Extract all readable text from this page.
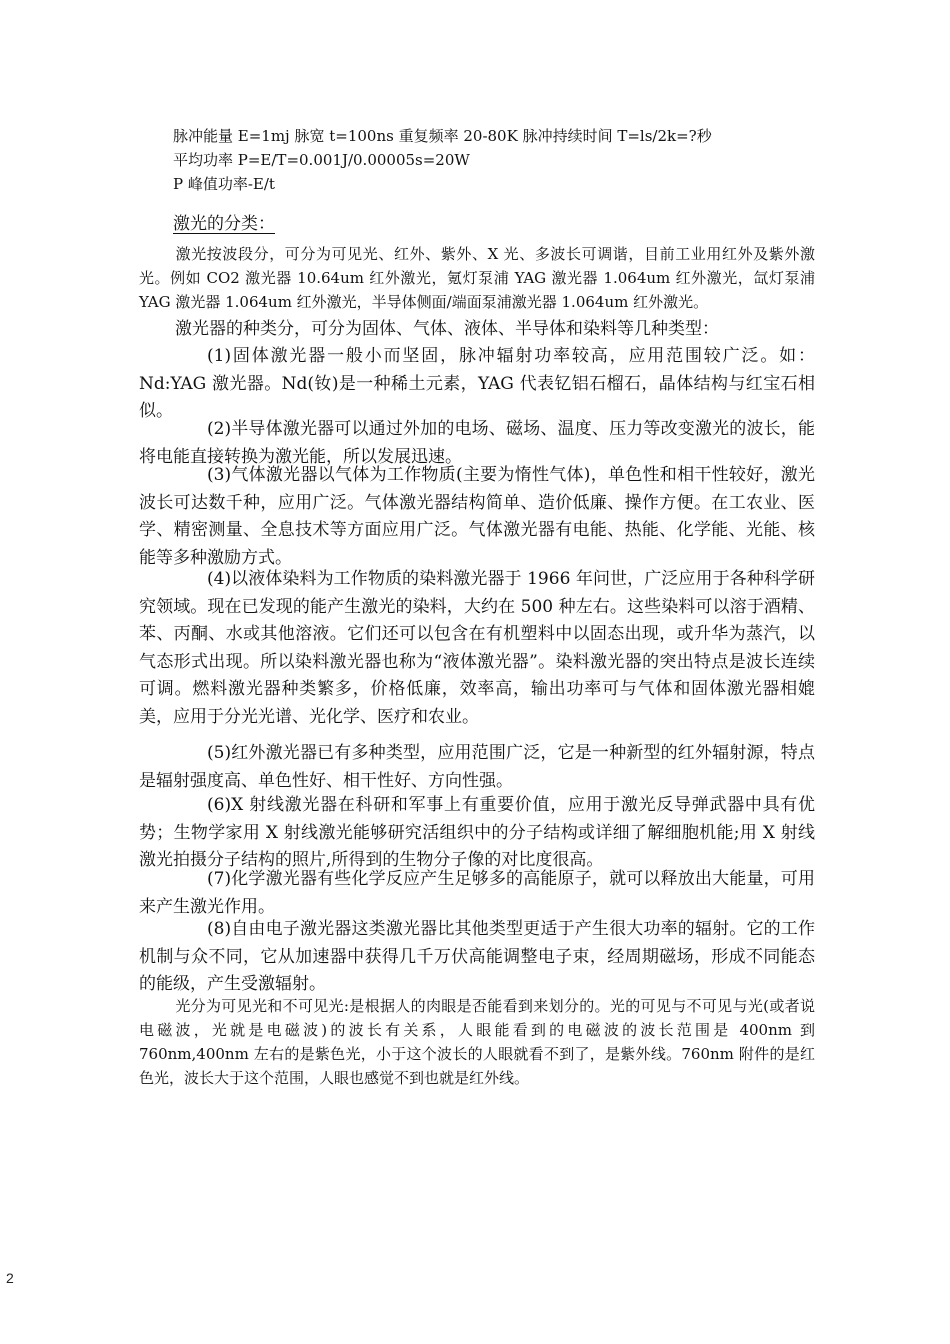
脉冲能量 E=1mj 脉宽 t=100ns 重复频率 20-80K 脉冲持续时间 T=ls/2k=?秒
平均功率 P=E/T=0.001J/0.00005s=20W
P 峰值功率-E/t
激光的分类：
激光按波段分，可分为可见光、红外、紫外、X 光、多波长可调谐，目前工业用红外及紫外激光。例如 CO2 激光器 10.64um 红外激光，氪灯泵浦 YAG 激光器 1.064um 红外激光，氙灯泵浦 YAG 激光器 1.064um 红外激光，半导体侧面/端面泵浦激光器 1.064um 红外激光。
激光器的种类分，可分为固体、气体、液体、半导体和染料等几种类型：
(1)固体激光器一般小而坚固，脉冲辐射功率较高，应用范围较广泛。如：Nd:YAG 激光器。Nd(钕)是一种稀土元素，YAG 代表钇铝石榴石，晶体结构与红宝石相似。
(2)半导体激光器可以通过外加的电场、磁场、温度、压力等改变激光的波长，能将电能直接转换为激光能，所以发展迅速。
(3)气体激光器以气体为工作物质(主要为惰性气体)，单色性和相干性较好，激光波长可达数千种，应用广泛。气体激光器结构简单、造价低廉、操作方便。在工农业、医学、精密测量、全息技术等方面应用广泛。气体激光器有电能、热能、化学能、光能、核能等多种激励方式。
(4)以液体染料为工作物质的染料激光器于 1966 年问世，广泛应用于各种科学研究领域。现在已发现的能产生激光的染料，大约在 500 种左右。这些染料可以溶于酒精、苯、丙酮、水或其他溶液。它们还可以包含在有机塑料中以固态出现，或升华为蒸汽，以气态形式出现。所以染料激光器也称为“液体激光器”。染料激光器的突出特点是波长连续可调。燃料激光器种类繁多，价格低廉，效率高，输出功率可与气体和固体激光器相媲美，应用于分光光谱、光化学、医疗和农业。
(5)红外激光器已有多种类型，应用范围广泛，它是一种新型的红外辐射源，特点是辐射强度高、单色性好、相干性好、方向性强。
(6)X 射线激光器在科研和军事上有重要价值，应用于激光反导弹武器中具有优势；生物学家用 X 射线激光能够研究活组织中的分子结构或详细了解细胞机能;用 X 射线激光拍摄分子结构的照片,所得到的生物分子像的对比度很高。
(7)化学激光器有些化学反应产生足够多的高能原子，就可以释放出大能量，可用来产生激光作用。
(8)自由电子激光器这类激光器比其他类型更适于产生很大功率的辐射。它的工作机制与众不同，它从加速器中获得几千万伏高能调整电子束，经周期磁场，形成不同能态的能级，产生受激辐射。
光分为可见光和不可见光:是根据人的肉眼是否能看到来划分的。光的可见与不可见与光(或者说电磁波，光就是电磁波)的波长有关系，人眼能看到的电磁波的波长范围是 400nm 到 760nm,400nm 左右的是紫色光，小于这个波长的人眼就看不到了，是紫外线。760nm 附件的是红色光，波长大于这个范围，人眼也感觉不到也就是红外线。
2
